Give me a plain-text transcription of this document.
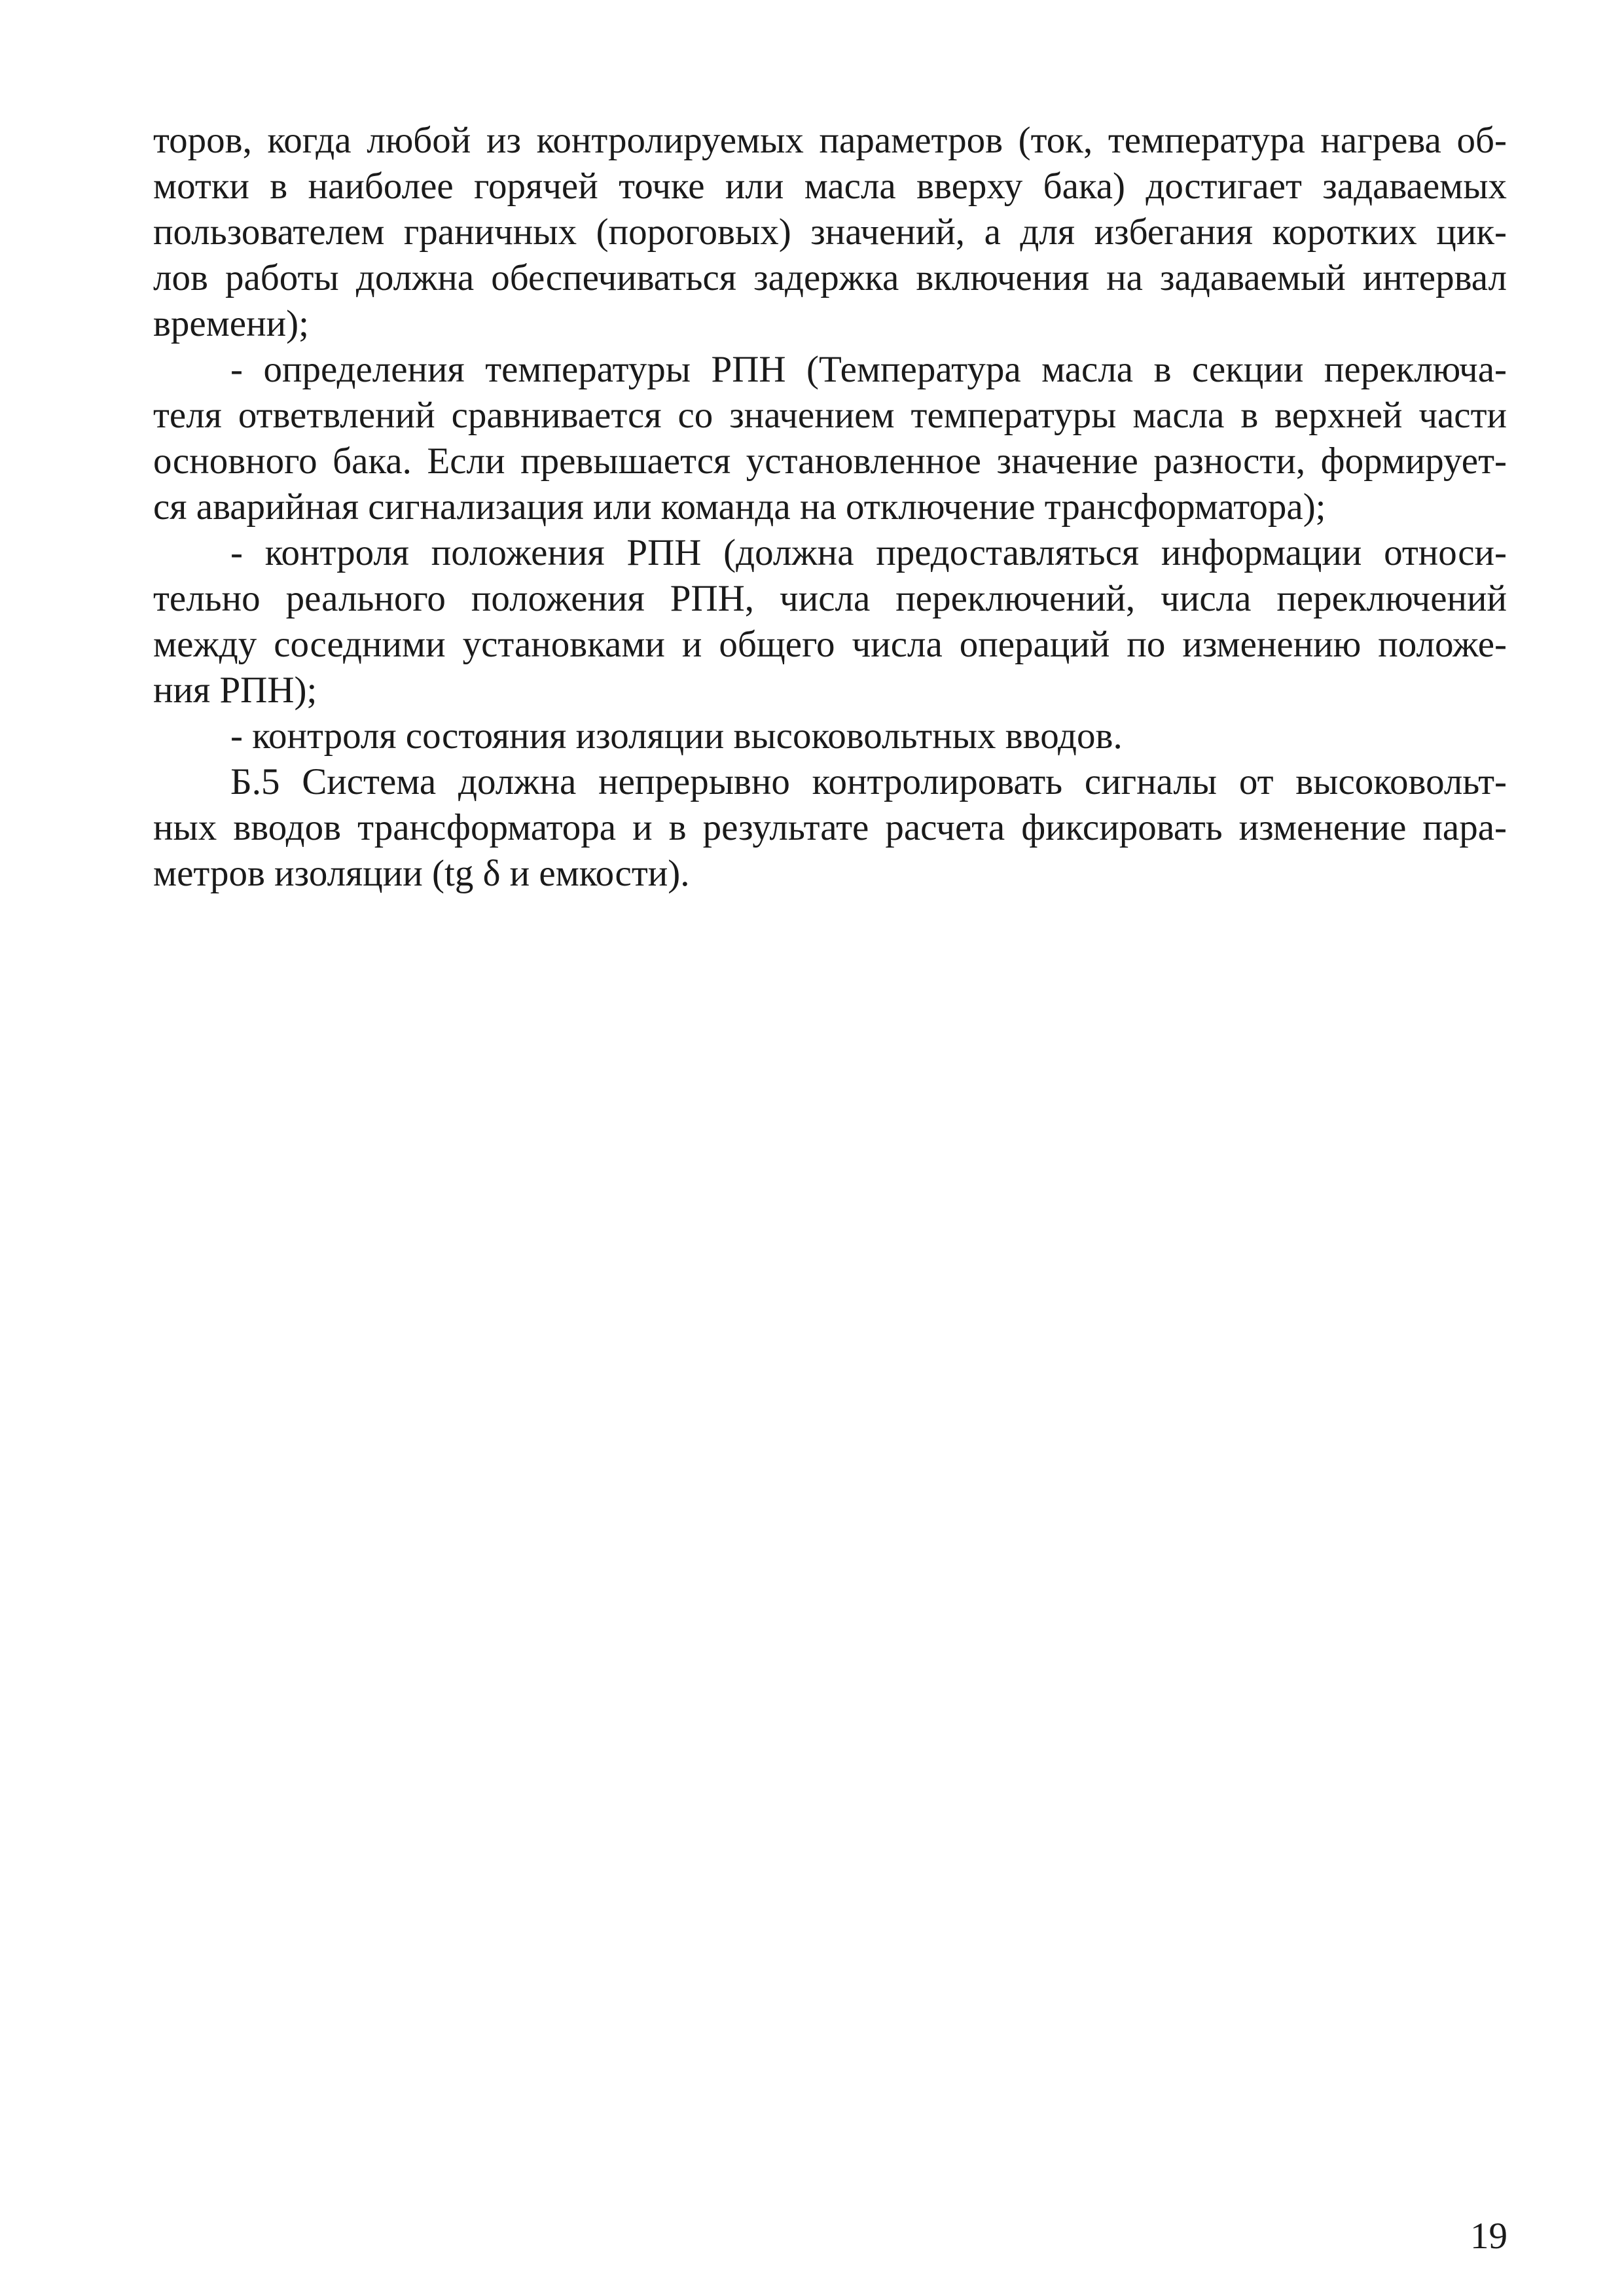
торов, когда любой из контролируемых параметров (ток, температура нагрева об-
мотки в наиболее горячей точке или масла вверху бака) достигает задаваемых
пользователем граничных (пороговых) значений, а для избегания коротких цик-
лов работы должна обеспечиваться задержка включения на задаваемый интервал
времени);
- определения температуры РПН (Температура масла в секции переключа-
теля ответвлений сравнивается со значением температуры масла в верхней части
основного бака. Если превышается установленное значение разности, формирует-
ся аварийная сигнализация или команда на отключение трансформатора);
- контроля положения РПН (должна предоставляться информации относи-
тельно реального положения РПН, числа переключений, числа переключений
между соседними установками и общего числа операций по изменению положе-
ния РПН);
- контроля состояния изоляции высоковольтных вводов.
Б.5 Система должна непрерывно контролировать сигналы от высоковольт-
ных вводов трансформатора и в результате расчета фиксировать изменение пара-
метров изоляции (tg δ и емкости).
19
